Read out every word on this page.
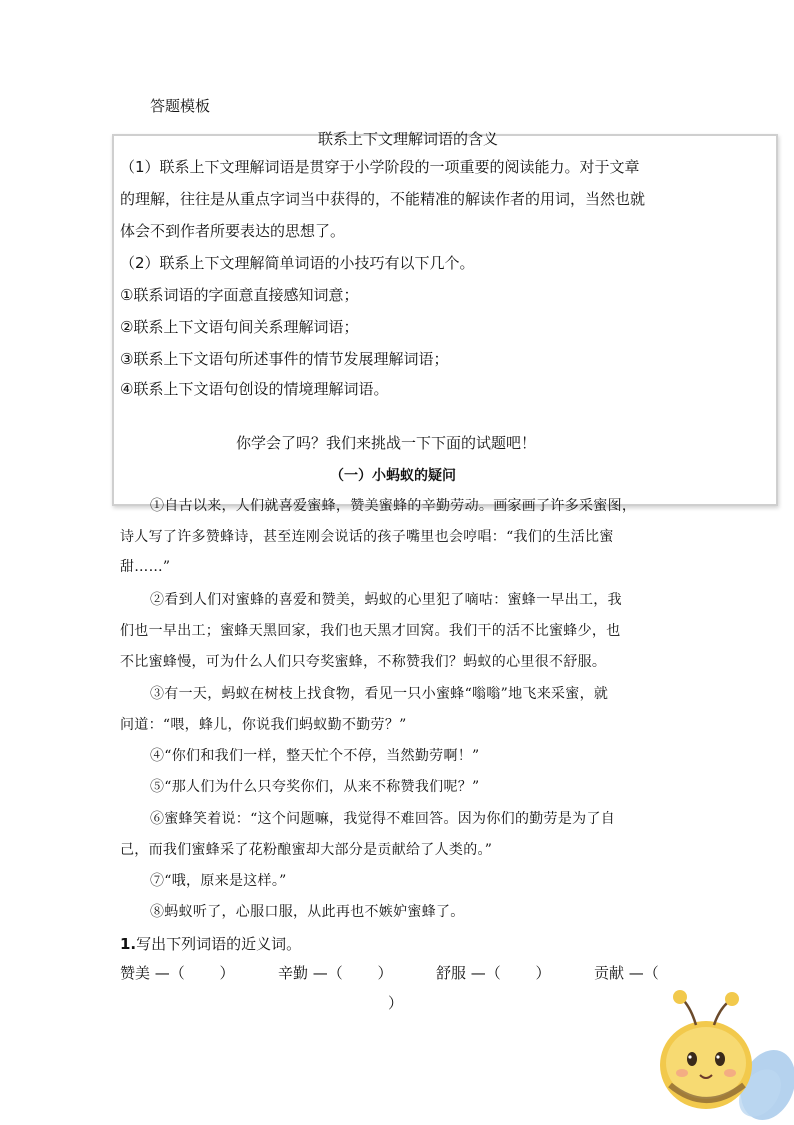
答题模板
联系上下文理解词语的含义
（1）联系上下文理解词语是贯穿于小学阶段的一项重要的阅读能力。对于文章
的理解，往往是从重点字词当中获得的，不能精准的解读作者的用词，当然也就
体会不到作者所要表达的思想了。
（2）联系上下文理解简单词语的小技巧有以下几个。
①联系词语的字面意直接感知词意；
②联系上下文语句间关系理解词语；
③联系上下文语句所述事件的情节发展理解词语；
④联系上下文语句创设的情境理解词语。
你学会了吗？我们来挑战一下下面的试题吧！
（一）小蚂蚁的疑问
①自古以来，人们就喜爱蜜蜂，赞美蜜蜂的辛勤劳动。画家画了许多采蜜图，
诗人写了许多赞蜂诗，甚至连刚会说话的孩子嘴里也会哼唱：“我们的生活比蜜
甜……”
②看到人们对蜜蜂的喜爱和赞美，蚂蚁的心里犯了嘀咕：蜜蜂一早出工，我
们也一早出工；蜜蜂天黑回家，我们也天黑才回窝。我们干的活不比蜜蜂少，也
不比蜜蜂慢，可为什么人们只夸奖蜜蜂，不称赞我们？蚂蚁的心里很不舒服。
③有一天，蚂蚁在树枝上找食物，看见一只小蜜蜂“嗡嗡”地飞来采蜜，就
问道：“喂，蜂儿，你说我们蚂蚁勤不勤劳？”
④“你们和我们一样，整天忙个不停，当然勤劳啊！”
⑤“那人们为什么只夸奖你们，从来不称赞我们呢？”
⑥蜜蜂笑着说：“这个问题嘛，我觉得不难回答。因为你们的勤劳是为了自
己，而我们蜜蜂采了花粉酿蜜却大部分是贡献给了人类的。”
⑦“哦，原来是这样。”
⑧蚂蚁听了，心服口服，从此再也不嫉妒蜜蜂了。
1.写出下列词语的近义词。
赞美 —（　　 ）	辛勤 —（　　 ）	舒服 —（　　 ）	贡献 —（
）
